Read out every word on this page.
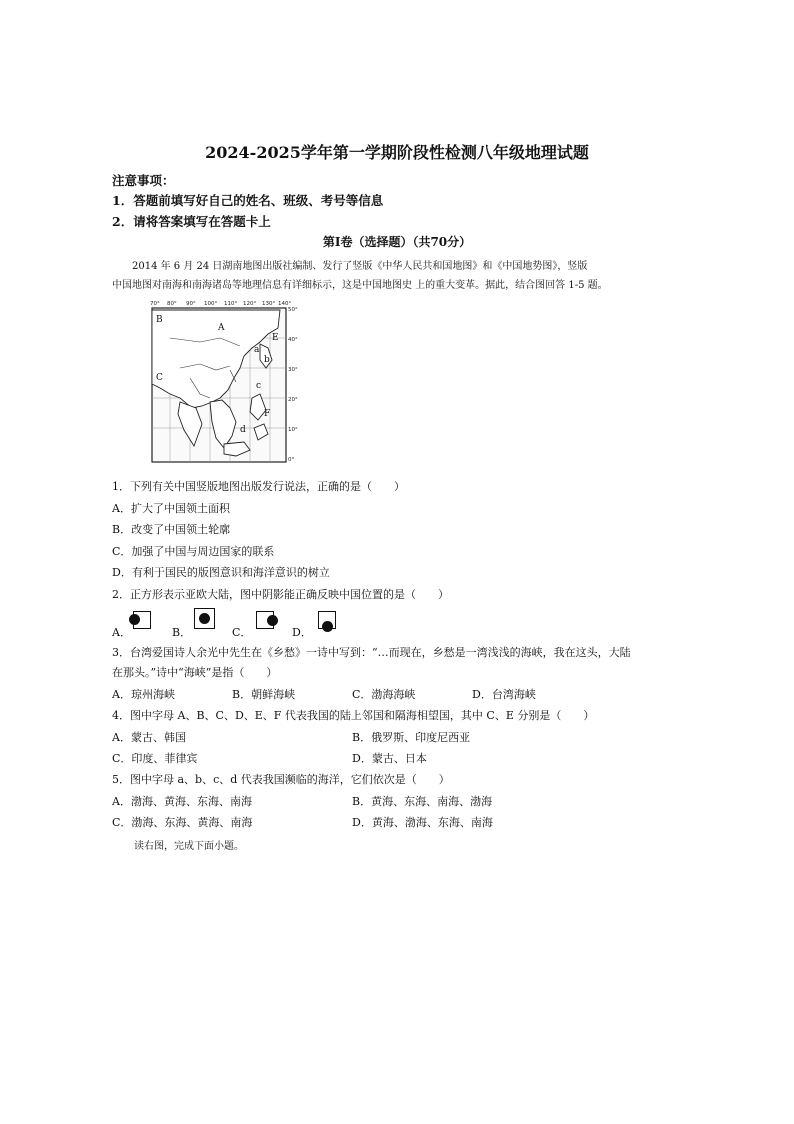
2024-2025学年第一学期阶段性检测八年级地理试题
注意事项：
1．答题前填写好自己的姓名、班级、考号等信息
2．请将答案填写在答题卡上
第I卷（选择题）（共70分）
2014 年 6 月 24 日湖南地图出版社编制、发行了竖版《中华人民共和国地图》和《中国地势图》，竖版
中国地图对南海和南海诸岛等地理信息有详细标示，这是中国地图史 上的重大变革。据此，结合图回答 1-5 题。
70° 80° 90° 100° 110° 120° 130° 140°
50°
40°
30°
20°
10°
0°
B
A
E
b
a
C
F
c
d
1．下列有关中国竖版地图出版发行说法，正确的是（　　）
A．扩大了中国领土面积
B．改变了中国领土轮廓
C．加强了中国与周边国家的联系
D．有利于国民的版图意识和海洋意识的树立
2．正方形表示亚欧大陆，图中阴影能正确反映中国位置的是（　　）
A．	B．	C．	D．
3．台湾爱国诗人余光中先生在《乡愁》一诗中写到：“…而现在，乡愁是一湾浅浅的海峡，我在这头，大陆
在那头。”诗中“海峡”是指（　　）
A．琼州海峡	B．朝鲜海峡	C．渤海海峡	D．台湾海峡
4．图中字母 A、B、C、D、E、F 代表我国的陆上邻国和隔海相望国，其中 C、E 分别是（　　）
A．蒙古、韩国	B．俄罗斯、印度尼西亚
C．印度、菲律宾	D．蒙古、日本
5．图中字母 a、b、c、d 代表我国濒临的海洋，它们依次是（　　）
A．渤海、黄海、东海、南海	B．黄海、东海、南海、渤海
C．渤海、东海、黄海、南海	D．黄海、渤海、东海、南海
读右图，完成下面小题。
